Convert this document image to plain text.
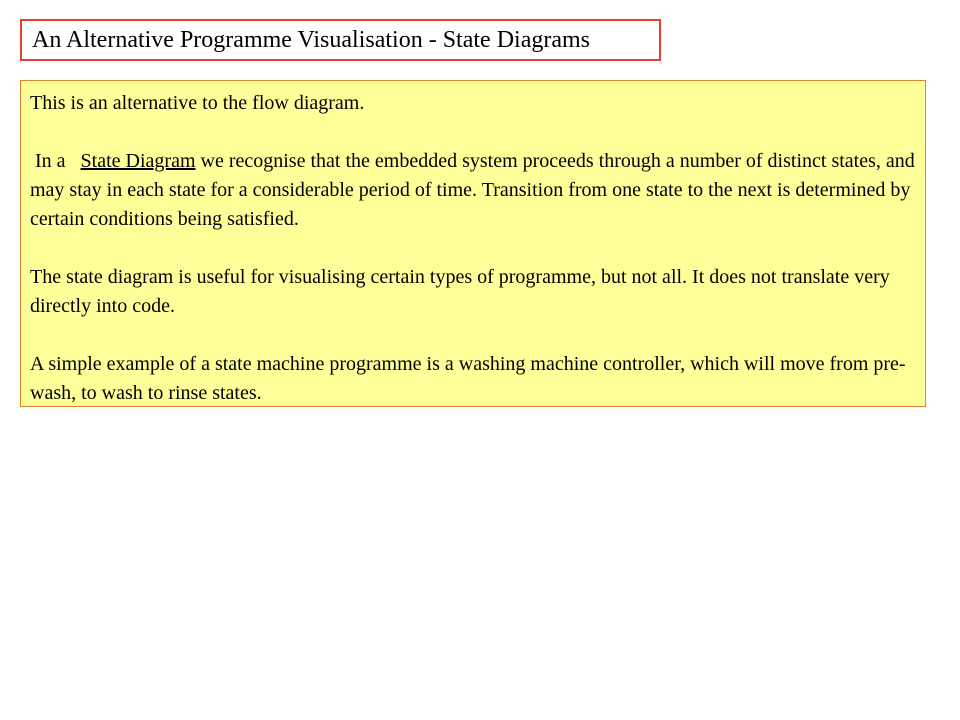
An Alternative Programme Visualisation - State Diagrams

This is an alternative to the flow diagram.

In a   State Diagram we recognise that the embedded system proceeds through a number of distinct states, and may stay in each state for a considerable period of time. Transition from one state to the next is determined by certain conditions being satisfied.

The state diagram is useful for visualising certain types of programme, but not all. It does not translate very directly into code.

A simple example of a state machine programme is a washing machine controller, which will move from pre-wash, to wash to rinse states.
